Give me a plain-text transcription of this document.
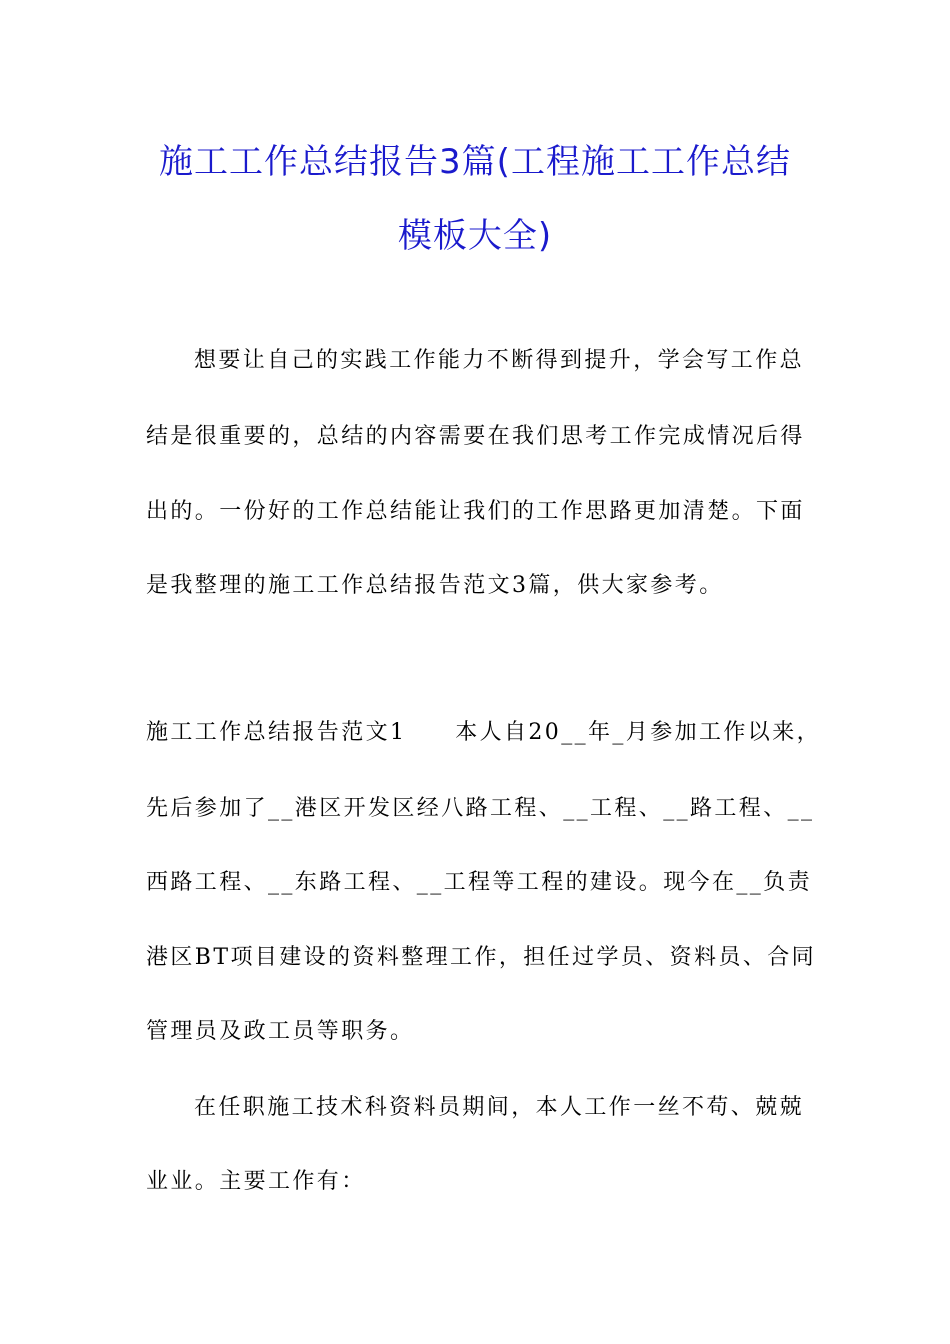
施工工作总结报告3篇(工程施工工作总结
模板大全)
想要让自己的实践工作能力不断得到提升，学会写工作总
结是很重要的，总结的内容需要在我们思考工作完成情况后得
出的。一份好的工作总结能让我们的工作思路更加清楚。下面
是我整理的施工工作总结报告范文3篇，供大家参考。
施工工作总结报告范文1　　本人自20__年_月参加工作以来，
先后参加了__港区开发区经八路工程、__工程、__路工程、__
西路工程、__东路工程、__工程等工程的建设。现今在__负责
港区BT项目建设的资料整理工作，担任过学员、资料员、合同
管理员及政工员等职务。
在任职施工技术科资料员期间，本人工作一丝不苟、兢兢
业业。主要工作有：
